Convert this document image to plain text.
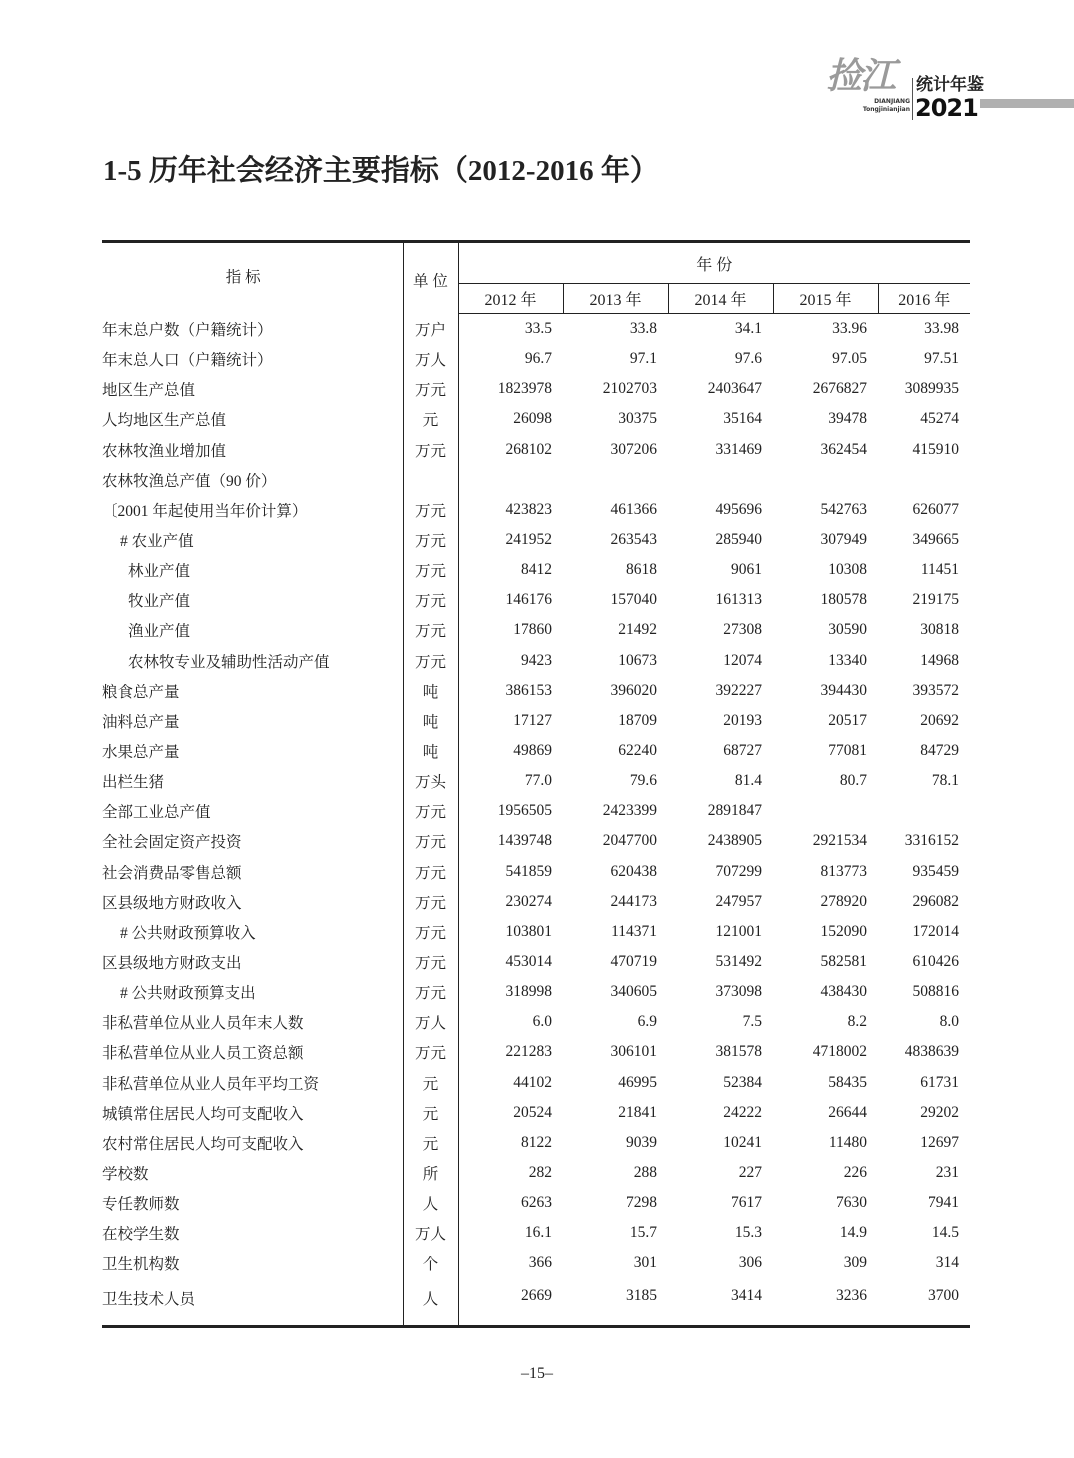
捡江
DIANJIANG
Tongjinianjian
统计年鉴
2021
1-5 历年社会经济主要指标（2012-2016 年）
指 标	单 位	年 份				
		2012 年	2013 年	2014 年	2015 年	2016 年
年末总户数（户籍统计）	万户	33.5	33.8	34.1	33.96	33.98
年末总人口（户籍统计）	万人	96.7	97.1	97.6	97.05	97.51
地区生产总值	万元	1823978	2102703	2403647	2676827	3089935
人均地区生产总值	元	26098	30375	35164	39478	45274
农林牧渔业增加值	万元	268102	307206	331469	362454	415910
农林牧渔总产值（90 价）						
〔2001 年起使用当年价计算）	万元	423823	461366	495696	542763	626077
# 农业产值	万元	241952	263543	285940	307949	349665
林业产值	万元	8412	8618	9061	10308	11451
牧业产值	万元	146176	157040	161313	180578	219175
渔业产值	万元	17860	21492	27308	30590	30818
农林牧专业及辅助性活动产值	万元	9423	10673	12074	13340	14968
粮食总产量	吨	386153	396020	392227	394430	393572
油料总产量	吨	17127	18709	20193	20517	20692
水果总产量	吨	49869	62240	68727	77081	84729
出栏生猪	万头	77.0	79.6	81.4	80.7	78.1
全部工业总产值	万元	1956505	2423399	2891847		
全社会固定资产投资	万元	1439748	2047700	2438905	2921534	3316152
社会消费品零售总额	万元	541859	620438	707299	813773	935459
区县级地方财政收入	万元	230274	244173	247957	278920	296082
# 公共财政预算收入	万元	103801	114371	121001	152090	172014
区县级地方财政支出	万元	453014	470719	531492	582581	610426
# 公共财政预算支出	万元	318998	340605	373098	438430	508816
非私营单位从业人员年末人数	万人	6.0	6.9	7.5	8.2	8.0
非私营单位从业人员工资总额	万元	221283	306101	381578	4718002	4838639
非私营单位从业人员年平均工资	元	44102	46995	52384	58435	61731
城镇常住居民人均可支配收入	元	20524	21841	24222	26644	29202
农村常住居民人均可支配收入	元	8122	9039	10241	11480	12697
学校数	所	282	288	227	226	231
专任教师数	人	6263	7298	7617	7630	7941
在校学生数	万人	16.1	15.7	15.3	14.9	14.5
卫生机构数	个	366	301	306	309	314
卫生技术人员	人	2669	3185	3414	3236	3700
–15–
